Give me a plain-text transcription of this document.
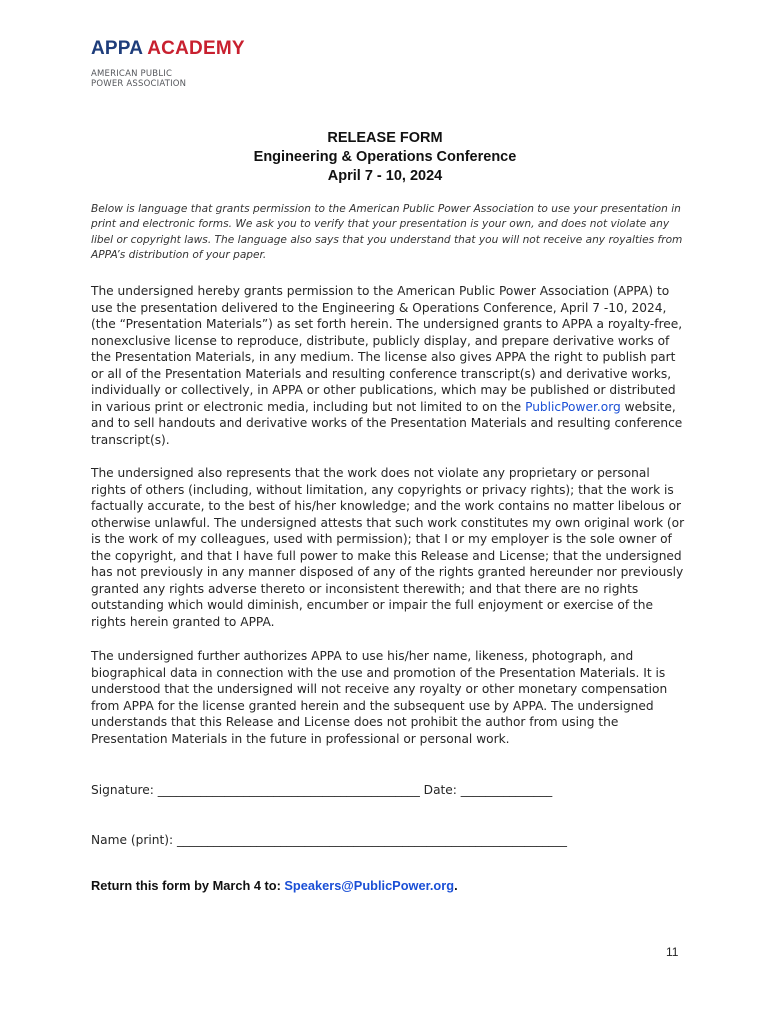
APPA ACADEMY
AMERICAN PUBLIC
POWER ASSOCIATION
RELEASE FORM
Engineering & Operations Conference
April 7 - 10, 2024
Below is language that grants permission to the American Public Power Association to use your presentation in print and electronic forms. We ask you to verify that your presentation is your own, and does not violate any libel or copyright laws. The language also says that you understand that you will not receive any royalties from APPA’s distribution of your paper.

The undersigned hereby grants permission to the American Public Power Association (APPA) to use the presentation delivered to the Engineering & Operations Conference, April 7 -10, 2024, (the “Presentation Materials”) as set forth herein. The undersigned grants to APPA a royalty-free, nonexclusive license to reproduce, distribute, publicly display, and prepare derivative works of the Presentation Materials, in any medium. The license also gives APPA the right to publish part or all of the Presentation Materials and resulting conference transcript(s) and derivative works, individually or collectively, in APPA or other publications, which may be published or distributed in various print or electronic media, including but not limited to on the PublicPower.org website, and to sell handouts and derivative works of the Presentation Materials and resulting conference transcript(s).

The undersigned also represents that the work does not violate any proprietary or personal rights of others (including, without limitation, any copyrights or privacy rights); that the work is factually accurate, to the best of his/her knowledge; and the work contains no matter libelous or otherwise unlawful. The undersigned attests that such work constitutes my own original work (or is the work of my colleagues, used with permission); that I or my employer is the sole owner of the copyright, and that I have full power to make this Release and License; that the undersigned has not previously in any manner disposed of any of the rights granted hereunder nor previously granted any rights adverse thereto or inconsistent therewith; and that there are no rights outstanding which would diminish, encumber or impair the full enjoyment or exercise of the rights herein granted to APPA.

The undersigned further authorizes APPA to use his/her name, likeness, photograph, and biographical data in connection with the use and promotion of the Presentation Materials. It is understood that the undersigned will not receive any royalty or other monetary compensation from APPA for the license granted herein and the subsequent use by APPA. The undersigned understands that this Release and License does not prohibit the author from using the Presentation Materials in the future in professional or personal work.

Signature: ___________________________________________ Date: _______________
Name (print): ________________________________________________________________
Return this form by March 4 to: Speakers@PublicPower.org.
11
